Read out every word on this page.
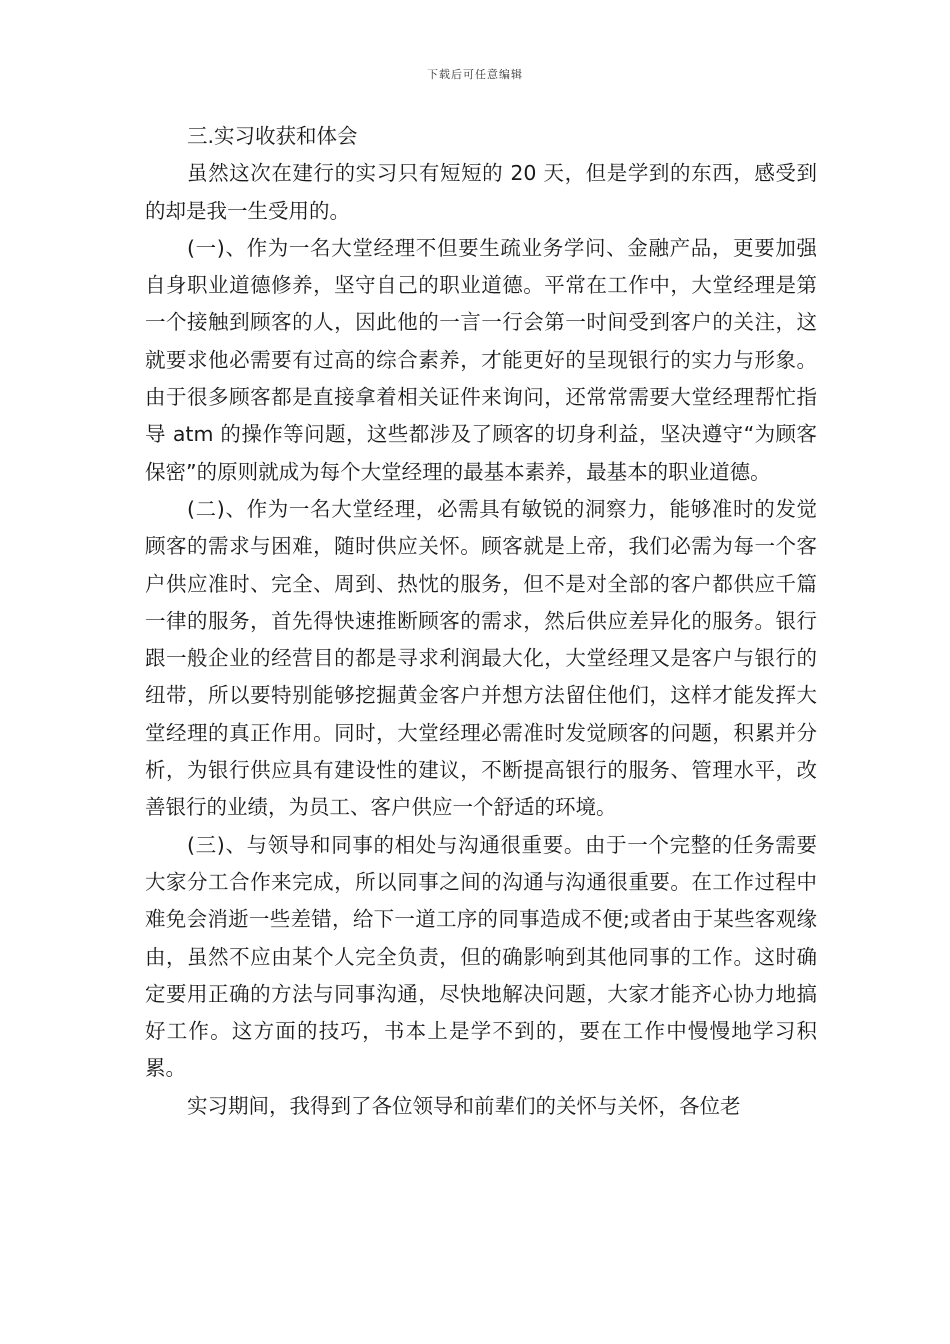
下载后可任意编辑

三.实习收获和体会

虽然这次在建行的实习只有短短的 20 天，但是学到的东西，感受到的却是我一生受用的。

(一)、作为一名大堂经理不但要生疏业务学问、金融产品，更要加强自身职业道德修养，坚守自己的职业道德。平常在工作中，大堂经理是第一个接触到顾客的人，因此他的一言一行会第一时间受到客户的关注，这就要求他必需要有过高的综合素养，才能更好的呈现银行的实力与形象。由于很多顾客都是直接拿着相关证件来询问，还常常需要大堂经理帮忙指导 atm 的操作等问题，这些都涉及了顾客的切身利益，坚决遵守“为顾客保密”的原则就成为每个大堂经理的最基本素养，最基本的职业道德。

(二)、作为一名大堂经理，必需具有敏锐的洞察力，能够准时的发觉顾客的需求与困难，随时供应关怀。顾客就是上帝，我们必需为每一个客户供应准时、完全、周到、热忱的服务，但不是对全部的客户都供应千篇一律的服务，首先得快速推断顾客的需求，然后供应差异化的服务。银行跟一般企业的经营目的都是寻求利润最大化，大堂经理又是客户与银行的纽带，所以要特别能够挖掘黄金客户并想方法留住他们，这样才能发挥大堂经理的真正作用。同时，大堂经理必需准时发觉顾客的问题，积累并分析，为银行供应具有建设性的建议，不断提高银行的服务、管理水平，改善银行的业绩，为员工、客户供应一个舒适的环境。

(三)、与领导和同事的相处与沟通很重要。由于一个完整的任务需要大家分工合作来完成，所以同事之间的沟通与沟通很重要。在工作过程中难免会消逝一些差错，给下一道工序的同事造成不便;或者由于某些客观缘由，虽然不应由某个人完全负责，但的确影响到其他同事的工作。这时确定要用正确的方法与同事沟通，尽快地解决问题，大家才能齐心协力地搞好工作。这方面的技巧，书本上是学不到的，要在工作中慢慢地学习积累。

实习期间，我得到了各位领导和前辈们的关怀与关怀，各位老
